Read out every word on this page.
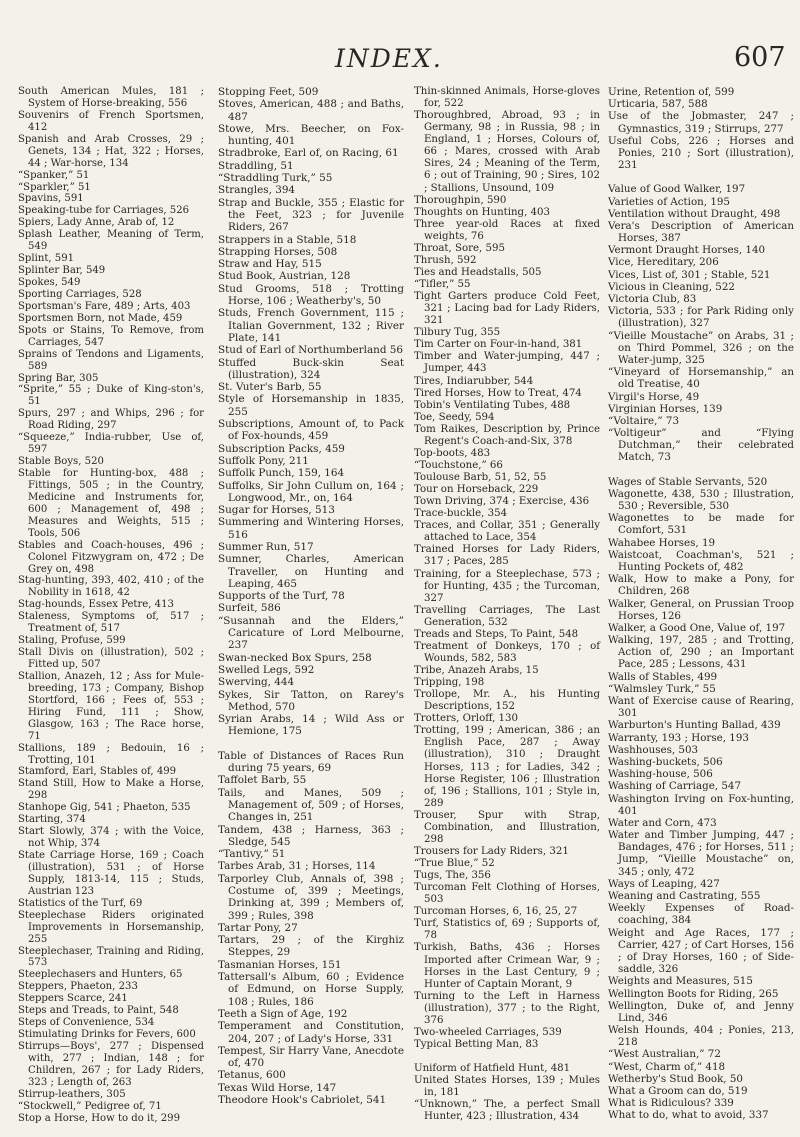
INDEX.	607

South American Mules, 181 ; System of Horse-breaking, 556

Souvenirs of French Sportsmen, 412

Spanish and Arab Crosses, 29 ; Genets, 134 ; Hat, 322 ; Horses, 44 ; War-horse, 134

“Spanker,” 51

“Sparkler,” 51

Spavins, 591

Speaking-tube for Carriages, 526

Spiers, Lady Anne, Arab of, 12

Splash Leather, Meaning of Term, 549

Splint, 591

Splinter Bar, 549

Spokes, 549

Sporting Carriages, 528

Sportsman's Fare, 489 ; Arts, 403

Sportsmen Born, not Made, 459

Spots or Stains, To Remove, from Carriages, 547

Sprains of Tendons and Ligaments, 589

Spring Bar, 305

“Sprite,” 55 ; Duke of King-ston's, 51

Spurs, 297 ; and Whips, 296 ; for Road Riding, 297

“Squeeze,” India-rubber, Use of, 597

Stable Boys, 520

Stable for Hunting-box, 488 ; Fittings, 505 ; in the Country, Medicine and Instruments for, 600 ; Management of, 498 ; Measures and Weights, 515 ; Tools, 506

Stables and Coach-houses, 496 ; Colonel Fitzwygram on, 472 ; De Grey on, 498

Stag-hunting, 393, 402, 410 ; of the Nobility in 1618, 42

Stag-hounds, Essex Petre, 413

Staleness, Symptoms of, 517 ; Treatment of, 517

Staling, Profuse, 599

Stall Divis on (illustration), 502 ; Fitted up, 507

Stallion, Anazeh, 12 ; Ass for Mule-breeding, 173 ; Company, Bishop Stortford, 166 ; Fees of, 553 ; Hiring Fund, 111 ; Show, Glasgow, 163 ; The Race horse, 71

Stallions, 189 ; Bedouin, 16 ; Trotting, 101

Stamford, Earl, Stables of, 499

Stand Still, How to Make a Horse, 298

Stanhope Gig, 541 ; Phaeton, 535

Starting, 374

Start Slowly, 374 ; with the Voice, not Whip, 374

State Carriage Horse, 169 ; Coach (illustration), 531 ; of Horse Supply, 1813-14, 115 ; Studs, Austrian 123

Statistics of the Turf, 69

Steeplechase Riders originated Improvements in Horsemanship, 255

Steeplechaser, Training and Riding, 573

Steeplechasers and Hunters, 65

Steppers, Phaeton, 233

Steppers Scarce, 241

Steps and Treads, to Paint, 548

Steps of Convenience, 534

Stimulating Drinks for Fevers, 600

Stirrups—Boys', 277 ; Dispensed with, 277 ; Indian, 148 ; for Children, 267 ; for Lady Riders, 323 ; Length of, 263

Stirrup-leathers, 305

“Stockwell,” Pedigree of, 71

Stop a Horse, How to do it, 299

Stopping Feet, 509

Stoves, American, 488 ; and Baths, 487

Stowe, Mrs. Beecher, on Fox-hunting, 401

Stradbroke, Earl of, on Racing, 61

Straddling, 51

“Straddling Turk,” 55

Strangles, 394

Strap and Buckle, 355 ; Elastic for the Feet, 323 ; for Juvenile Riders, 267

Strappers in a Stable, 518

Strapping Horses, 508

Straw and Hay, 515

Stud Book, Austrian, 128

Stud Grooms, 518 ; Trotting Horse, 106 ; Weatherby's, 50

Studs, French Government, 115 ; Italian Government, 132 ; River Plate, 141

Stud of Earl of Northumberland 56

Stuffed Buck-skin Seat (illustration), 324

St. Vuter's Barb, 55

Style of Horsemanship in 1835, 255

Subscriptions, Amount of, to Pack of Fox-hounds, 459

Subscription Packs, 459

Suffolk Pony, 211

Suffolk Punch, 159, 164

Suffolks, Sir John Cullum on, 164 ; Longwood, Mr., on, 164

Sugar for Horses, 513

Summering and Wintering Horses, 516

Summer Run, 517

Sumner, Charles, American Traveller, on Hunting and Leaping, 465

Supports of the Turf, 78

Surfeit, 586

“Susannah and the Elders,” Caricature of Lord Melbourne, 237

Swan-necked Box Spurs, 258

Swelled Legs, 592

Swerving, 444

Sykes, Sir Tatton, on Rarey's Method, 570

Syrian Arabs, 14 ; Wild Ass or Hemione, 175

Table of Distances of Races Run during 75 years, 69

Taffolet Barb, 55

Tails, and Manes, 509 ; Management of, 509 ; of Horses, Changes in, 251

Tandem, 438 ; Harness, 363 ; Sledge, 545

“Tantivy,” 51

Tarbes Arab, 31 ; Horses, 114

Tarporley Club, Annals of, 398 ; Costume of, 399 ; Meetings, Drinking at, 399 ; Members of, 399 ; Rules, 398

Tartar Pony, 27

Tartars, 29 ; of the Kirghiz Steppes, 29

Tasmanian Horses, 151

Tattersall's Album, 60 ; Evidence of Edmund, on Horse Supply, 108 ; Rules, 186

Teeth a Sign of Age, 192

Temperament and Constitution, 204, 207 ; of Lady's Horse, 331

Tempest, Sir Harry Vane, Anecdote of, 470

Tetanus, 600

Texas Wild Horse, 147

Theodore Hook's Cabriolet, 541

Thin-skinned Animals, Horse-gloves for, 522

Thoroughbred, Abroad, 93 ; in Germany, 98 ; in Russia, 98 ; in England, 1 ; Horses, Colours of, 66 ; Mares, crossed with Arab Sires, 24 ; Meaning of the Term, 6 ; out of Training, 90 ; Sires, 102 ; Stallions, Unsound, 109

Thoroughpin, 590

Thoughts on Hunting, 403

Three year-old Races at fixed weights, 76

Throat, Sore, 595

Thrush, 592

Ties and Headstalls, 505

“Tifler,” 55

Tight Garters produce Cold Feet, 321 ; Lacing bad for Lady Riders, 321

Tilbury Tug, 355

Tim Carter on Four-in-hand, 381

Timber and Water-jumping, 447 ; Jumper, 443

Tires, Indiarubber, 544

Tired Horses, How to Treat, 474

Tobin's Ventilating Tubes, 488

Toe, Seedy, 594

Tom Raikes, Description by, Prince Regent's Coach-and-Six, 378

Top-boots, 483

“Touchstone,” 66

Toulouse Barb, 51, 52, 55

Tour on Horseback, 229

Town Driving, 374 ; Exercise, 436

Trace-buckle, 354

Traces, and Collar, 351 ; Generally attached to Lace, 354

Trained Horses for Lady Riders, 317 ; Paces, 285

Training, for a Steeplechase, 573 ; for Hunting, 435 ; the Turcoman, 327

Travelling Carriages, The Last Generation, 532

Treads and Steps, To Paint, 548

Treatment of Donkeys, 170 ; of Wounds, 582, 583

Tribe, Anazeh Arabs, 15

Tripping, 198

Trollope, Mr. A., his Hunting Descriptions, 152

Trotters, Orloff, 130

Trotting, 199 ; American, 386 ; an English Pace, 287 ; Away (illustration), 310 ; Draught Horses, 113 ; for Ladies, 342 ; Horse Register, 106 ; Illustration of, 196 ; Stallions, 101 ; Style in, 289

Trouser, Spur with Strap, Combination, and Illustration, 298

Trousers for Lady Riders, 321

“True Blue,” 52

Tugs, The, 356

Turcoman Felt Clothing of Horses, 503

Turcoman Horses, 6, 16, 25, 27

Turf, Statistics of, 69 ; Supports of, 78

Turkish, Baths, 436 ; Horses Imported after Crimean War, 9 ; Horses in the Last Century, 9 ; Hunter of Captain Morant, 9

Turning to the Left in Harness (illustration), 377 ; to the Right, 376

Two-wheeled Carriages, 539

Typical Betting Man, 83

Uniform of Hatfield Hunt, 481

United States Horses, 139 ; Mules in, 181

“Unknown,” The, a perfect Small Hunter, 423 ; Illustration, 434

Urine, Retention of, 599

Urticaria, 587, 588

Use of the Jobmaster, 247 ; Gymnastics, 319 ; Stirrups, 277

Useful Cobs, 226 ; Horses and Ponies, 210 ; Sort (illustration), 231

Value of Good Walker, 197

Varieties of Action, 195

Ventilation without Draught, 498

Vera's Description of American Horses, 387

Vermont Draught Horses, 140

Vice, Hereditary, 206

Vices, List of, 301 ; Stable, 521

Vicious in Cleaning, 522

Victoria Club, 83

Victoria, 533 ; for Park Riding only (illustration), 327

“Vieille Moustache” on Arabs, 31 ; on Third Pommel, 326 ; on the Water-jump, 325

“Vineyard of Horsemanship,” an old Treatise, 40

Virgil's Horse, 49

Virginian Horses, 139

“Voltaire,” 73

“Voltigeur” and “Flying Dutchman,” their celebrated Match, 73

Wages of Stable Servants, 520

Wagonette, 438, 530 ; Illustration, 530 ; Reversible, 530

Wagonettes to be made for Comfort, 531

Wahabee Horses, 19

Waistcoat, Coachman's, 521 ; Hunting Pockets of, 482

Walk, How to make a Pony, for Children, 268

Walker, General, on Prussian Troop Horses, 126

Walker, a Good One, Value of, 197

Walking, 197, 285 ; and Trotting, Action of, 290 ; an Important Pace, 285 ; Lessons, 431

Walls of Stables, 499

“Walmsley Turk,” 55

Want of Exercise cause of Rearing, 301

Warburton's Hunting Ballad, 439

Warranty, 193 ; Horse, 193

Washhouses, 503

Washing-buckets, 506

Washing-house, 506

Washing of Carriage, 547

Washington Irving on Fox-hunting, 401

Water and Corn, 473

Water and Timber Jumping, 447 ; Bandages, 476 ; for Horses, 511 ; Jump, “Vieille Moustache” on, 345 ; only, 472

Ways of Leaping, 427

Weaning and Castrating, 555

Weekly Expenses of Road-coaching, 384

Weight and Age Races, 177 ; Carrier, 427 ; of Cart Horses, 156 ; of Dray Horses, 160 ; of Side-saddle, 326

Weights and Measures, 515

Wellington Boots for Riding, 265

Wellington, Duke of, and Jenny Lind, 346

Welsh Hounds, 404 ; Ponies, 213, 218

“West Australian,” 72

“West, Charm of,” 418

Wetherby's Stud Book, 50

What a Groom can do, 519

What is Ridiculous? 339

What to do, what to avoid, 337
